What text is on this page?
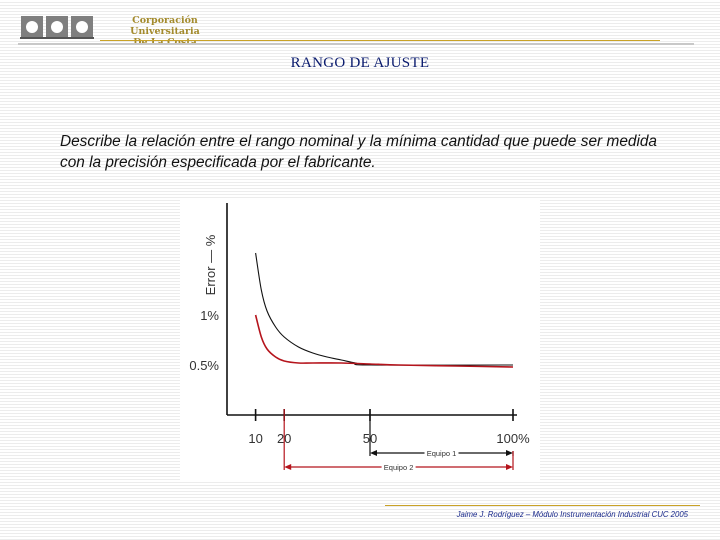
Corporación Universitaria
RANGO DE AJUSTE
Describe la relación entre el rango nominal y la mínima cantidad que puede ser medida con la precisión especificada por el fabricante.
10 20	50	100%
0.5%
1%
Error — %
Equipo 1
Equipo 2
Jaime J. Rodríguez – Módulo Instrumentación Industrial CUC 2005
